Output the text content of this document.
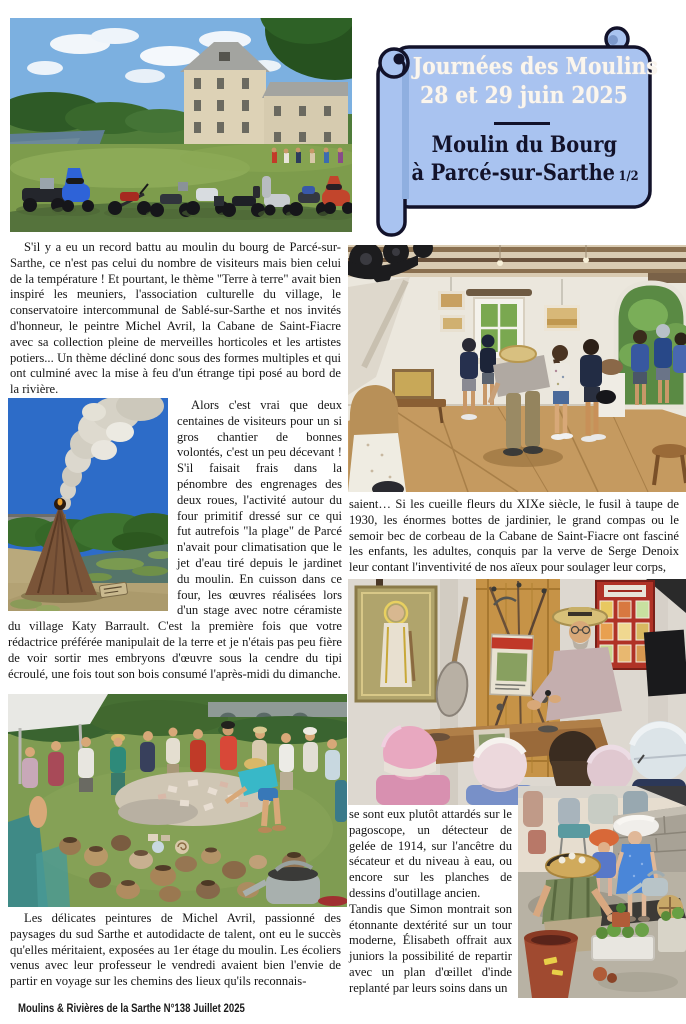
Journées des Moulins
28 et 29 juin 2025
Moulin du Bourg
à Parcé-sur-Sarthe 1/2

S'il y a eu un record battu au moulin du bourg de Parcé-sur-Sarthe, ce n'est pas celui du nombre de visiteurs mais bien celui de la température ! Et pourtant, le thème "Terre à terre" avait bien inspiré les meuniers, l'association culturelle du village, le conservatoire intercommunal de Sablé-sur-Sarthe et nos invités d'honneur, le peintre Michel Avril, la Cabane de Saint-Fiacre avec sa collection pleine de merveilles horticoles et les artistes potiers... Un thème décliné donc sous des formes multiples et qui ont culminé avec la mise à feu d'un étrange tipi posé au bord de la rivière.

Alors c'est vrai que deux centaines de visiteurs pour un si gros chantier de bonnes volontés, c'est un peu décevant ! S'il faisait frais dans la pénombre des engrenages des deux roues, l'activité autour du four primitif dressé sur ce qui fut autrefois "la plage" de Parcé n'avait pour climatisation que le jet d'eau tiré depuis le jardinet du moulin. En cuisson dans ce four, les œuvres réalisées lors d'un stage avec notre céramiste du village Katy Barrault. C'est la première fois que votre rédactrice préférée manipulait de la terre et je n'étais pas peu fière de voir sortir mes embryons d'œuvre sous la cendre du tipi écroulé, une fois tout son bois consumé l'après-midi du dimanche.

Les délicates peintures de Michel Avril, passionné des paysages du sud Sarthe et autodidacte de talent, ont eu le succès qu'elles méritaient, exposées au 1er étage du moulin. Les écoliers venus avec leur professeur le vendredi avaient bien l'envie de partir en voyage sur les chemins des lieux qu'ils reconnais-

saient… Si les cueille fleurs du XIXe siècle, le fusil à taupe de 1930, les énormes bottes de jardinier, le grand compas ou le semoir bec de corbeau de la Cabane de Saint-Fiacre ont fasciné les enfants, les adultes, conquis par la verve de Serge Denoix leur contant l'inventivité de nos aïeux pour soulager leur corps,

se sont eux plutôt attardés sur le pagoscope, un détecteur de gelée de 1914, sur l'ancêtre du sécateur et du niveau à eau, ou encore sur les planches de dessins d'outillage ancien.

Tandis que Simon montrait son étonnante dextérité sur un tour moderne, Élisabeth offrait aux juniors la possibilité de repartir avec un plan d'œillet d'inde replanté par leurs soins dans un

Moulins & Rivières de la Sarthe N°138 Juillet 2025
